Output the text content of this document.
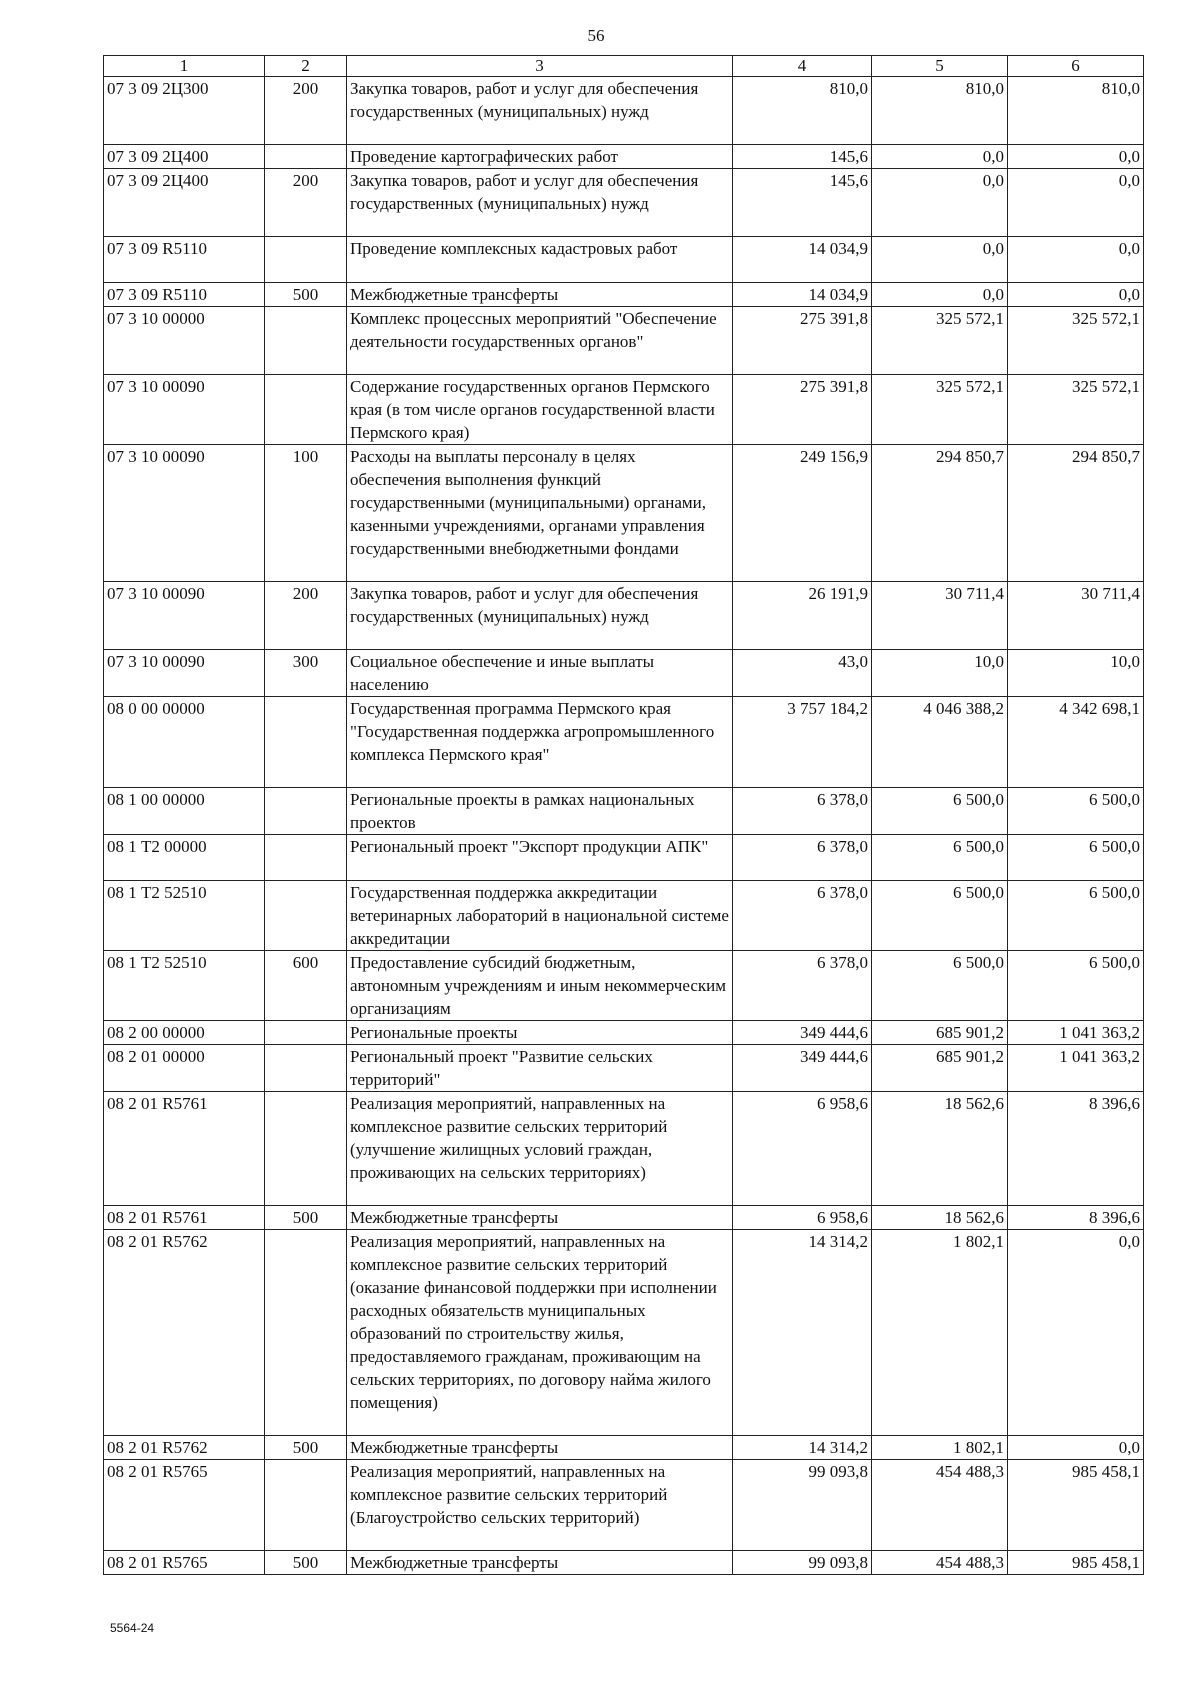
56
1	2	3	4	5	6
07 3 09 2Ц300	200	Закупка товаров, работ и услуг для обеспечения государственных (муниципальных) нужд	810,0	810,0	810,0
07 3 09 2Ц400		Проведение картографических работ	145,6	0,0	0,0
07 3 09 2Ц400	200	Закупка товаров, работ и услуг для обеспечения государственных (муниципальных) нужд	145,6	0,0	0,0
07 3 09 R5110		Проведение комплексных кадастровых работ	14 034,9	0,0	0,0
07 3 09 R5110	500	Межбюджетные трансферты	14 034,9	0,0	0,0
07 3 10 00000		Комплекс процессных мероприятий "Обеспечение деятельности государственных органов"	275 391,8	325 572,1	325 572,1
07 3 10 00090		Содержание государственных органов Пермского края (в том числе органов государственной власти Пермского края)	275 391,8	325 572,1	325 572,1
07 3 10 00090	100	Расходы на выплаты персоналу в целях обеспечения выполнения функций государственными (муниципальными) органами, казенными учреждениями, органами управления государственными внебюджетными фондами	249 156,9	294 850,7	294 850,7
07 3 10 00090	200	Закупка товаров, работ и услуг для обеспечения государственных (муниципальных) нужд	26 191,9	30 711,4	30 711,4
07 3 10 00090	300	Социальное обеспечение и иные выплаты населению	43,0	10,0	10,0
08 0 00 00000		Государственная программа Пермского края "Государственная поддержка агропромышленного комплекса Пермского края"	3 757 184,2	4 046 388,2	4 342 698,1
08 1 00 00000		Региональные проекты в рамках национальных проектов	6 378,0	6 500,0	6 500,0
08 1 Т2 00000		Региональный проект "Экспорт продукции АПК"	6 378,0	6 500,0	6 500,0
08 1 Т2 52510		Государственная поддержка аккредитации ветеринарных лабораторий в национальной системе аккредитации	6 378,0	6 500,0	6 500,0
08 1 Т2 52510	600	Предоставление субсидий бюджетным, автономным учреждениям и иным некоммерческим организациям	6 378,0	6 500,0	6 500,0
08 2 00 00000		Региональные проекты	349 444,6	685 901,2	1 041 363,2
08 2 01 00000		Региональный проект "Развитие сельских территорий"	349 444,6	685 901,2	1 041 363,2
08 2 01 R5761		Реализация мероприятий, направленных на комплексное развитие сельских территорий (улучшение жилищных условий граждан, проживающих на сельских территориях)	6 958,6	18 562,6	8 396,6
08 2 01 R5761	500	Межбюджетные трансферты	6 958,6	18 562,6	8 396,6
08 2 01 R5762		Реализация мероприятий, направленных на комплексное развитие сельских территорий (оказание финансовой поддержки при исполнении расходных обязательств муниципальных образований по строительству жилья, предоставляемого гражданам, проживающим на сельских территориях, по договору найма жилого помещения)	14 314,2	1 802,1	0,0
08 2 01 R5762	500	Межбюджетные трансферты	14 314,2	1 802,1	0,0
08 2 01 R5765		Реализация мероприятий, направленных на комплексное развитие сельских территорий (Благоустройство сельских территорий)	99 093,8	454 488,3	985 458,1
08 2 01 R5765	500	Межбюджетные трансферты	99 093,8	454 488,3	985 458,1
5564-24
